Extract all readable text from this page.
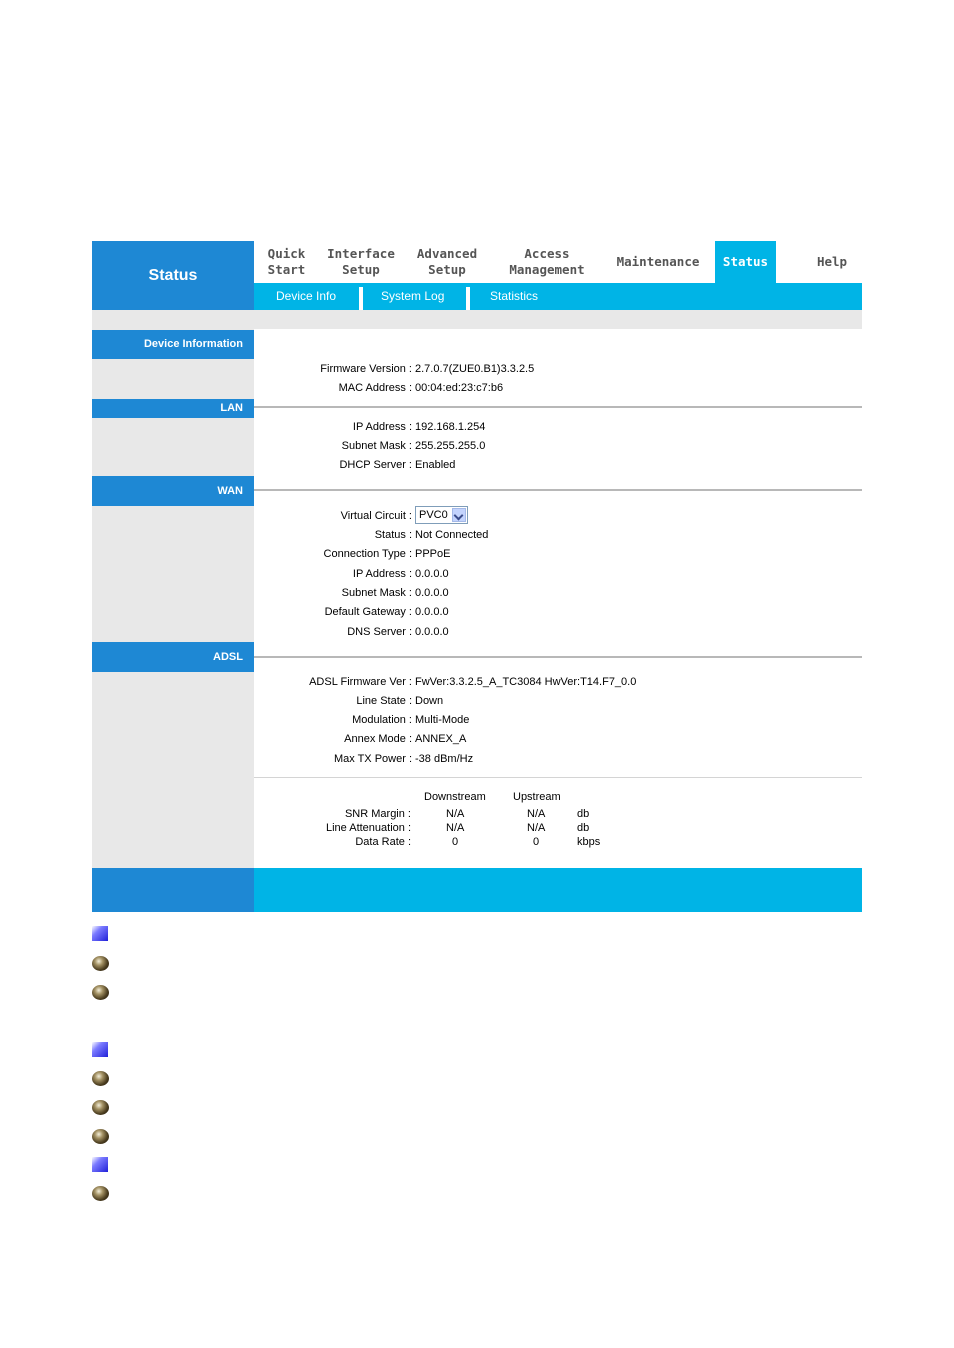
Status
Quick
Start
Interface
Setup
Advanced
Setup
Access
Management
Maintenance Status	Help
Device Info	System Log	Statistics
Device Information
Firmware Version : 2.7.0.7(ZUE0.B1)3.3.2.5
MAC Address : 00:04:ed:23:c7:b6
LAN
IP Address : 192.168.1.254
Subnet Mask : 255.255.255.0
DHCP Server : Enabled
WAN
Virtual Circuit : PVC0
Status : Not Connected
Connection Type : PPPoE
IP Address : 0.0.0.0
Subnet Mask : 0.0.0.0
Default Gateway : 0.0.0.0
DNS Server : 0.0.0.0
ADSL
ADSL Firmware Ver : FwVer:3.3.2.5_A_TC3084 HwVer:T14.F7_0.0
Line State : Down
Modulation : Multi-Mode
Annex Mode : ANNEX_A
Max TX Power : -38 dBm/Hz
Downstream Upstream
SNR Margin :	N/A	N/A	db
Line Attenuation :	N/A	N/A	db
Data Rate :	0	0	kbps
